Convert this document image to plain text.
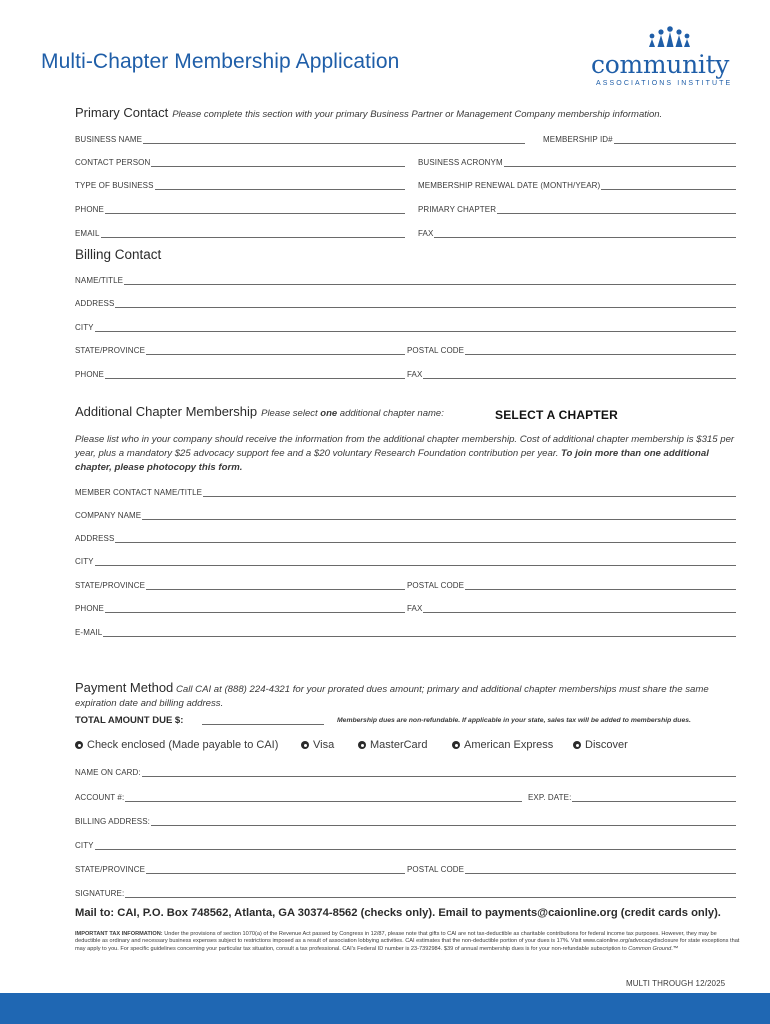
Multi-Chapter Membership Application	community
ASSOCIATIONS INSTITUTE
Primary Contact Please complete this section with your primary Business Partner or Management Company membership information.
BUSINESS NAME	MEMBERSHIP ID#
CONTACT PERSON	BUSINESS ACRONYM
TYPE OF BUSINESS	MEMBERSHIP RENEWAL DATE (MONTH/YEAR)
PHONE	PRIMARY CHAPTER
EMAIL	FAX
Billing Contact
NAME/TITLE
ADDRESS
CITY
STATE/PROVINCE	POSTAL CODE
PHONE	FAX
Additional Chapter Membership Please select one additional chapter name:	SELECT A CHAPTER
Please list who in your company should receive the information from the additional chapter membership. Cost of additional chapter membership is $315 per year, plus a mandatory $25 advocacy support fee and a $20 voluntary Research Foundation contribution per year. To join more than one additional chapter, please photocopy this form.
MEMBER CONTACT NAME/TITLE
COMPANY NAME
ADDRESS
CITY
STATE/PROVINCE	POSTAL CODE
PHONE	FAX
E-MAIL
Payment Method Call CAI at (888) 224-4321 for your prorated dues amount; primary and additional chapter memberships must share the same expiration date and billing address.
TOTAL AMOUNT DUE $:	Membership dues are non-refundable. If applicable in your state, sales tax will be added to membership dues.
Check enclosed (Made payable to CAI)	Visa	MasterCard	American Express	Discover
NAME ON CARD:
ACCOUNT #:	EXP. DATE:
BILLING ADDRESS:
CITY
STATE/PROVINCE	POSTAL CODE
SIGNATURE:
Mail to: CAI, P.O. Box 748562, Atlanta, GA 30374-8562 (checks only). Email to payments@caionline.org (credit cards only).
IMPORTANT TAX INFORMATION: Under the provisions of section 1070(a) of the Revenue Act passed by Congress in 12/87, please note that gifts to CAI are not tax-deductible as charitable contributions for federal income tax purposes. However, they may be deductible as ordinary and necessary business expenses subject to restrictions imposed as a result of association lobbying activities. CAI estimates that the non-deductible portion of your dues is 17%. Visit www.caionline.org/advocacydisclosure for state exceptions that may apply to you. For specific guidelines concerning your particular tax situation, consult a tax professional. CAI's Federal ID number is 23-7392984. $39 of annual membership dues is for your non-refundable subscription to Common Ground.™
MULTI THROUGH 12/2025
